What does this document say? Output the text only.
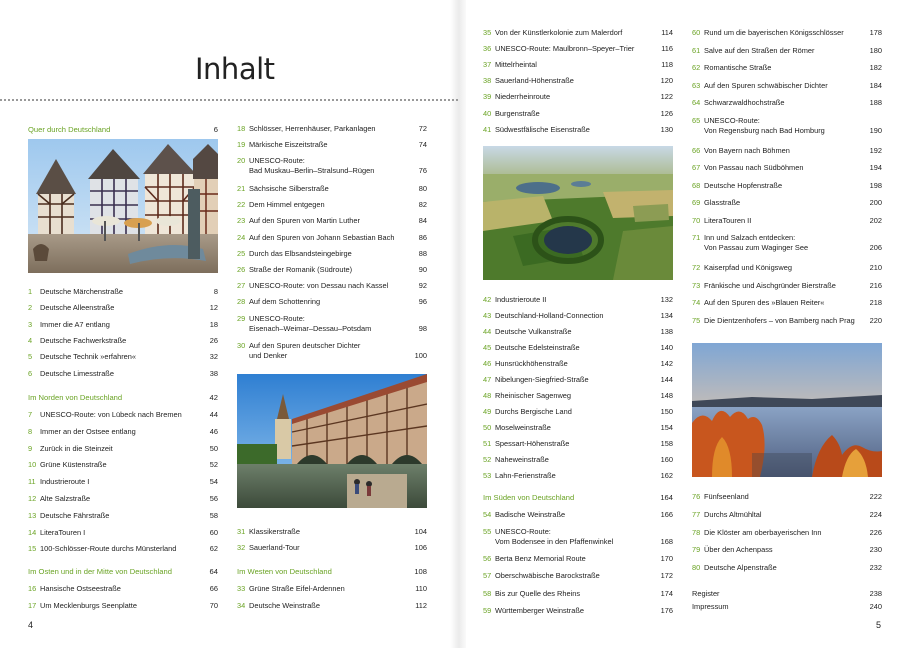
Inhalt
Quer durch Deutschland	6
1 Deutsche Märchenstraße	8
2 Deutsche Alleenstraße	12
3 Immer die A7 entlang	18
4 Deutsche Fachwerkstraße	26
5 Deutsche Technik »erfahren«	32
6 Deutsche Limesstraße	38
Im Norden von Deutschland	42
7 UNESCO-Route: von Lübeck nach Bremen	44
8 Immer an der Ostsee entlang	46
9 Zurück in die Steinzeit	50
10 Grüne Küstenstraße	52
11 Industrieroute I	54
12 Alte Salzstraße	56
13 Deutsche Fährstraße	58
14 LiteraTouren I	60
15 100-Schlösser-Route durchs Münsterland	62
Im Osten und in der Mitte von Deutschland	64
16 Hansische Ostseestraße	66
17 Um Mecklenburgs Seenplatte	70
18 Schlösser, Herrenhäuser, Parkanlagen	72
19 Märkische Eiszeitstraße	74
20 UNESCO-Route:
Bad Muskau–Berlin–Stralsund–Rügen	76
21 Sächsische Silberstraße	80
22 Dem Himmel entgegen	82
23 Auf den Spuren von Martin Luther	84
24 Auf den Spuren von Johann Sebastian Bach	86
25 Durch das Elbsandsteingebirge	88
26 Straße der Romanik (Südroute)	90
27 UNESCO-Route: von Dessau nach Kassel	92
28 Auf dem Schottenring	96
29 UNESCO-Route:
Eisenach–Weimar–Dessau–Potsdam	98
30 Auf den Spuren deutscher Dichter
und Denker	100
31 Klassikerstraße	104
32 Sauerland-Tour	106
Im Westen von Deutschland	108
33 Grüne Straße Eifel-Ardennen	110
34 Deutsche Weinstraße	112
35 Von der Künstlerkolonie zum Malerdorf	114
36 UNESCO-Route: Maulbronn–Speyer–Trier	116
37 Mittelrheintal	118
38 Sauerland-Höhenstraße	120
39 Niederrheinroute	122
40 Burgenstraße	126
41 Südwestfälische Eisenstraße	130
42 Industrieroute II	132
43 Deutschland-Holland-Connection	134
44 Deutsche Vulkanstraße	138
45 Deutsche Edelsteinstraße	140
46 Hunsrückhöhenstraße	142
47 Nibelungen-Siegfried-Straße	144
48 Rheinischer Sagenweg	148
49 Durchs Bergische Land	150
50 Moselweinstraße	154
51 Spessart-Höhenstraße	158
52 Naheweinstraße	160
53 Lahn-Ferienstraße	162
Im Süden von Deutschland	164
54 Badische Weinstraße	166
55 UNESCO-Route:
Vom Bodensee in den Pfaffenwinkel	168
56 Berta Benz Memorial Route	170
57 Oberschwäbische Barockstraße	172
58 Bis zur Quelle des Rheins	174
59 Württemberger Weinstraße	176
60 Rund um die bayerischen Königsschlösser	178
61 Salve auf den Straßen der Römer	180
62 Romantische Straße	182
63 Auf den Spuren schwäbischer Dichter	184
64 Schwarzwaldhochstraße	188
65 UNESCO-Route:
Von Regensburg nach Bad Homburg	190
66 Von Bayern nach Böhmen	192
67 Von Passau nach Südböhmen	194
68 Deutsche Hopfenstraße	198
69 Glasstraße	200
70 LiteraTouren II	202
71 Inn und Salzach entdecken:
Von Passau zum Waginger See	206
72 Kaiserpfad und Königsweg	210
73 Fränkische und Aischgründer Bierstraße	216
74 Auf den Spuren des »Blauen Reiter«	218
75 Die Dientzenhofers – von Bamberg nach Prag 220
76 Fünfseenland	222
77 Durchs Altmühltal	224
78 Die Klöster am oberbayerischen Inn	226
79 Über den Achenpass	230
80 Deutsche Alpenstraße	232
Register	238
Impressum	240
4	5
